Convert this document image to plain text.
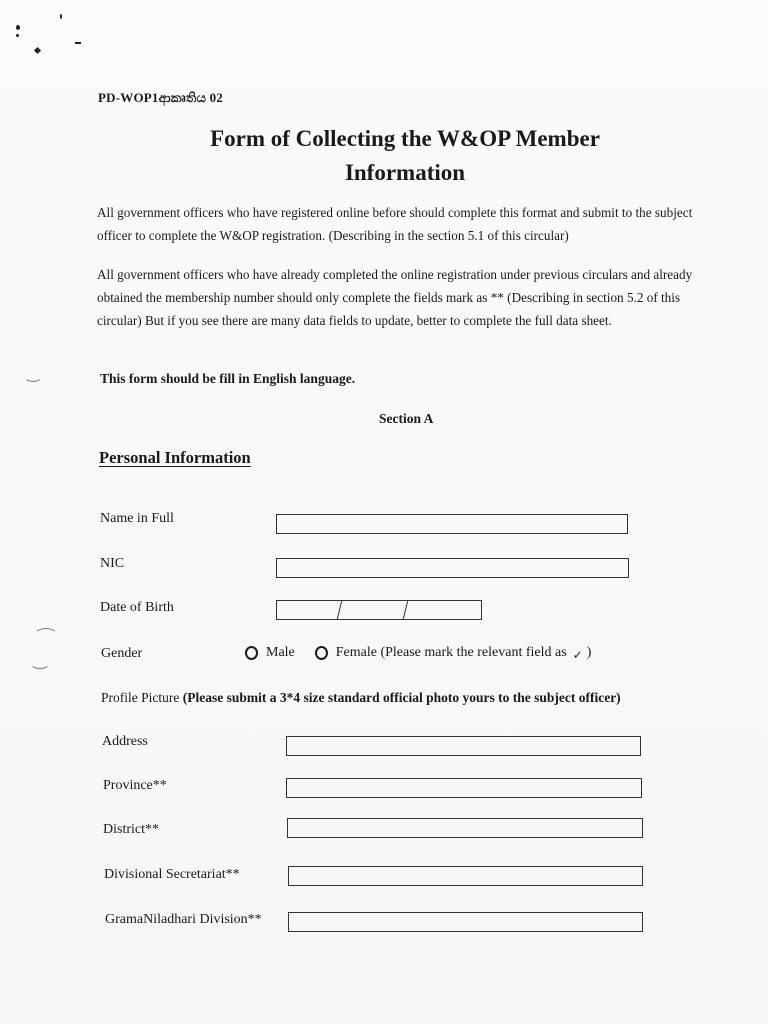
PD-WOP1ආකෘතිය 02
Form of Collecting the W&OP Member
Information
All government officers who have registered online before should complete this format and submit to the subject officer to complete the W&OP registration. (Describing in the section 5.1 of this circular)
All government officers who have already completed the online registration under previous circulars and already obtained the membership number should only complete the fields mark as ** (Describing in section 5.2 of this circular) But if you see there are many data fields to update, better to complete the full data sheet.
This form should be fill in English language.
Section A
Personal Information
Name in Full
NIC
Date of Birth
Gender	Male	Female (Please mark the relevant field as ✓ )
Profile Picture (Please submit a 3*4 size standard official photo yours to the subject officer)
Address
Province**
District**
Divisional Secretariat**
GramaNiladhari Division**
